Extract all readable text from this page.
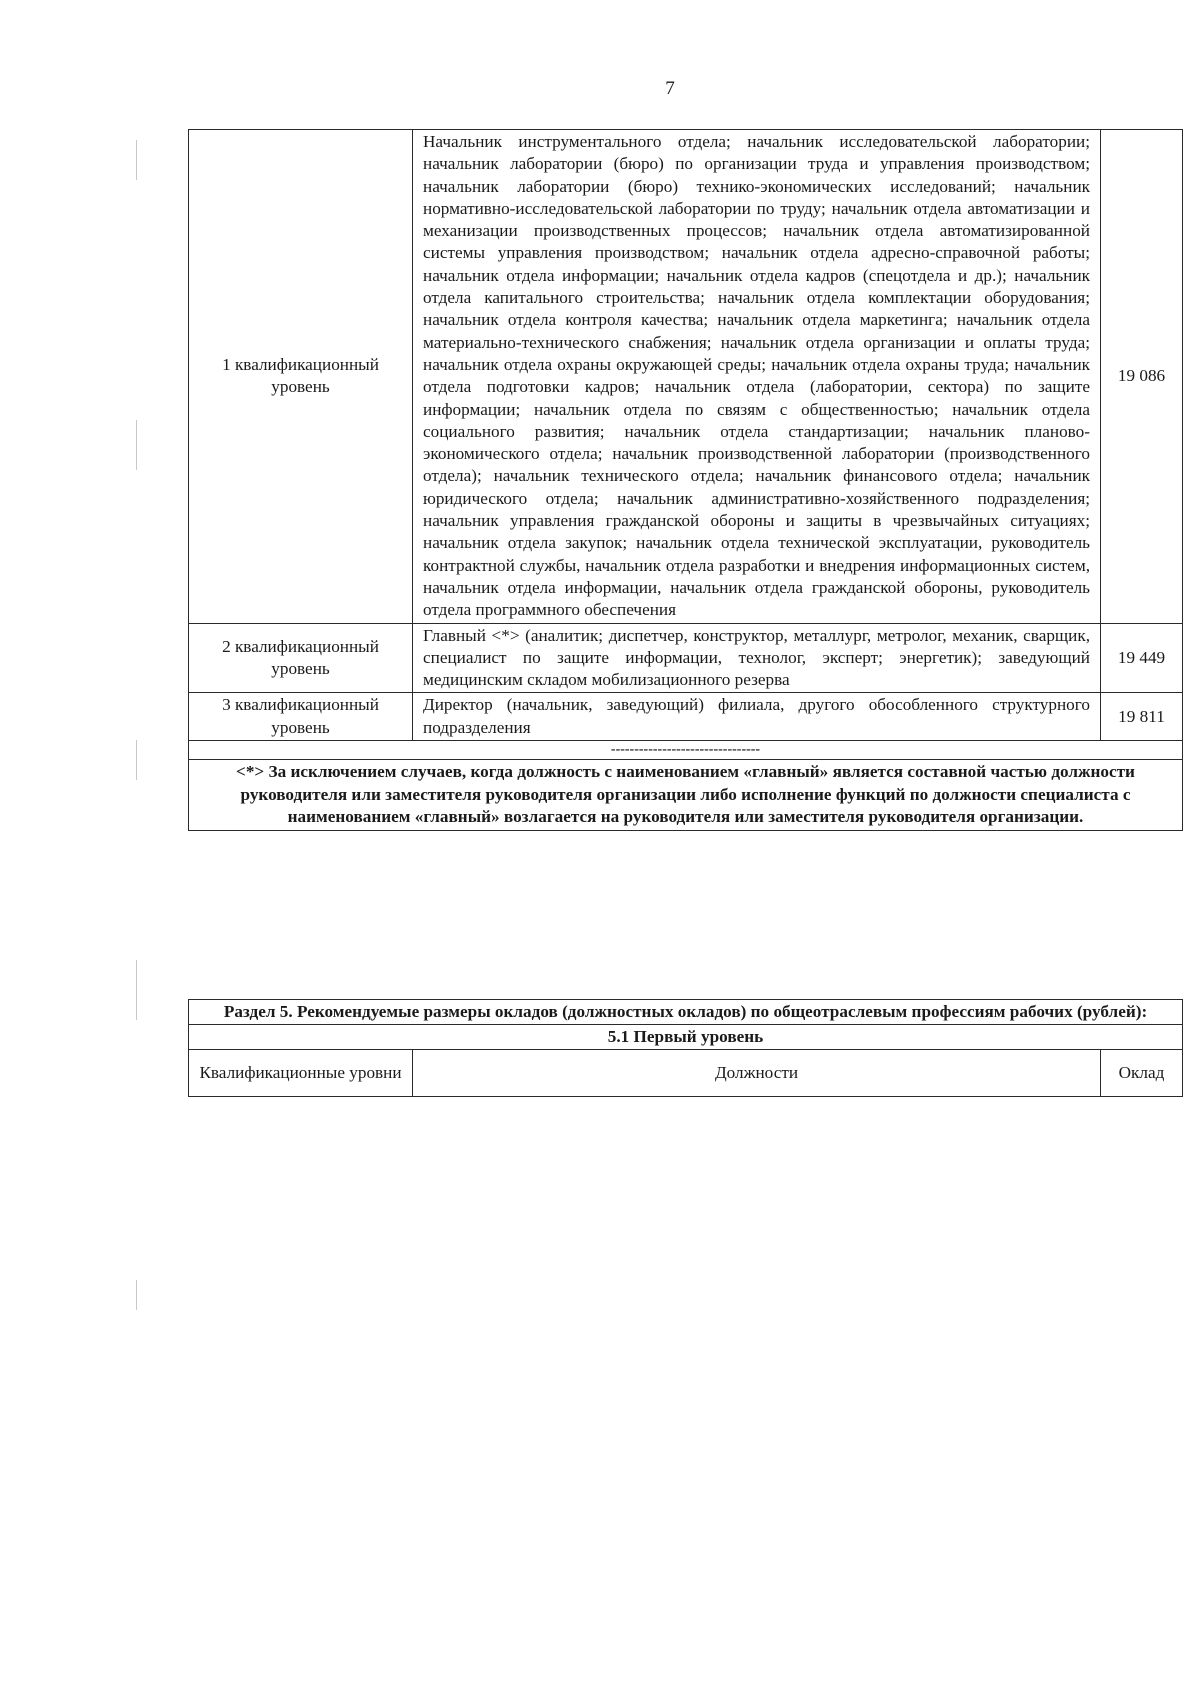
7
1 квалификационный уровень	Начальник инструментального отдела; начальник исследовательской лаборатории; начальник лаборатории (бюро) по организации труда и управления производством; начальник лаборатории (бюро) технико-экономических исследований; начальник нормативно-исследовательской лаборатории по труду; начальник отдела автоматизации и механизации производственных процессов; начальник отдела автоматизированной системы управления производством; начальник отдела адресно-справочной работы; начальник отдела информации; начальник отдела кадров (спецотдела и др.); начальник отдела капитального строительства; начальник отдела комплектации оборудования; начальник отдела контроля качества; начальник отдела маркетинга; начальник отдела материально-технического снабжения; начальник отдела организации и оплаты труда; начальник отдела охраны окружающей среды; начальник отдела охраны труда; начальник отдела подготовки кадров; начальник отдела (лаборатории, сектора) по защите информации; начальник отдела по связям с общественностью; начальник отдела социального развития; начальник отдела стандартизации; начальник планово-экономического отдела; начальник производственной лаборатории (производственного отдела); начальник технического отдела; начальник финансового отдела; начальник юридического отдела; начальник административно-хозяйственного подразделения; начальник управления гражданской обороны и защиты в чрезвычайных ситуациях; начальник отдела закупок; начальник отдела технической эксплуатации, руководитель контрактной службы, начальник отдела разработки и внедрения информационных систем, начальник отдела информации, начальник отдела гражданской обороны, руководитель отдела программного обеспечения	19 086
2 квалификационный уровень	Главный <*> (аналитик; диспетчер, конструктор, металлург, метролог, механик, сварщик, специалист по защите информации, технолог, эксперт; энергетик); заведующий медицинским складом мобилизационного резерва	19 449
3 квалификационный уровень	Директор (начальник, заведующий) филиала, другого обособленного структурного подразделения	19 811
--------------------------------		
<*> За исключением случаев, когда должность с наименованием «главный» является составной частью должности руководителя или заместителя руководителя организации либо исполнение функций по должности специалиста с наименованием «главный» возлагается на руководителя или заместителя руководителя организации.		
Раздел 5. Рекомендуемые размеры окладов (должностных окладов) по общеотраслевым профессиям рабочих (рублей):
5.1 Первый уровень
Квалификационные уровни	Должности	Оклад
